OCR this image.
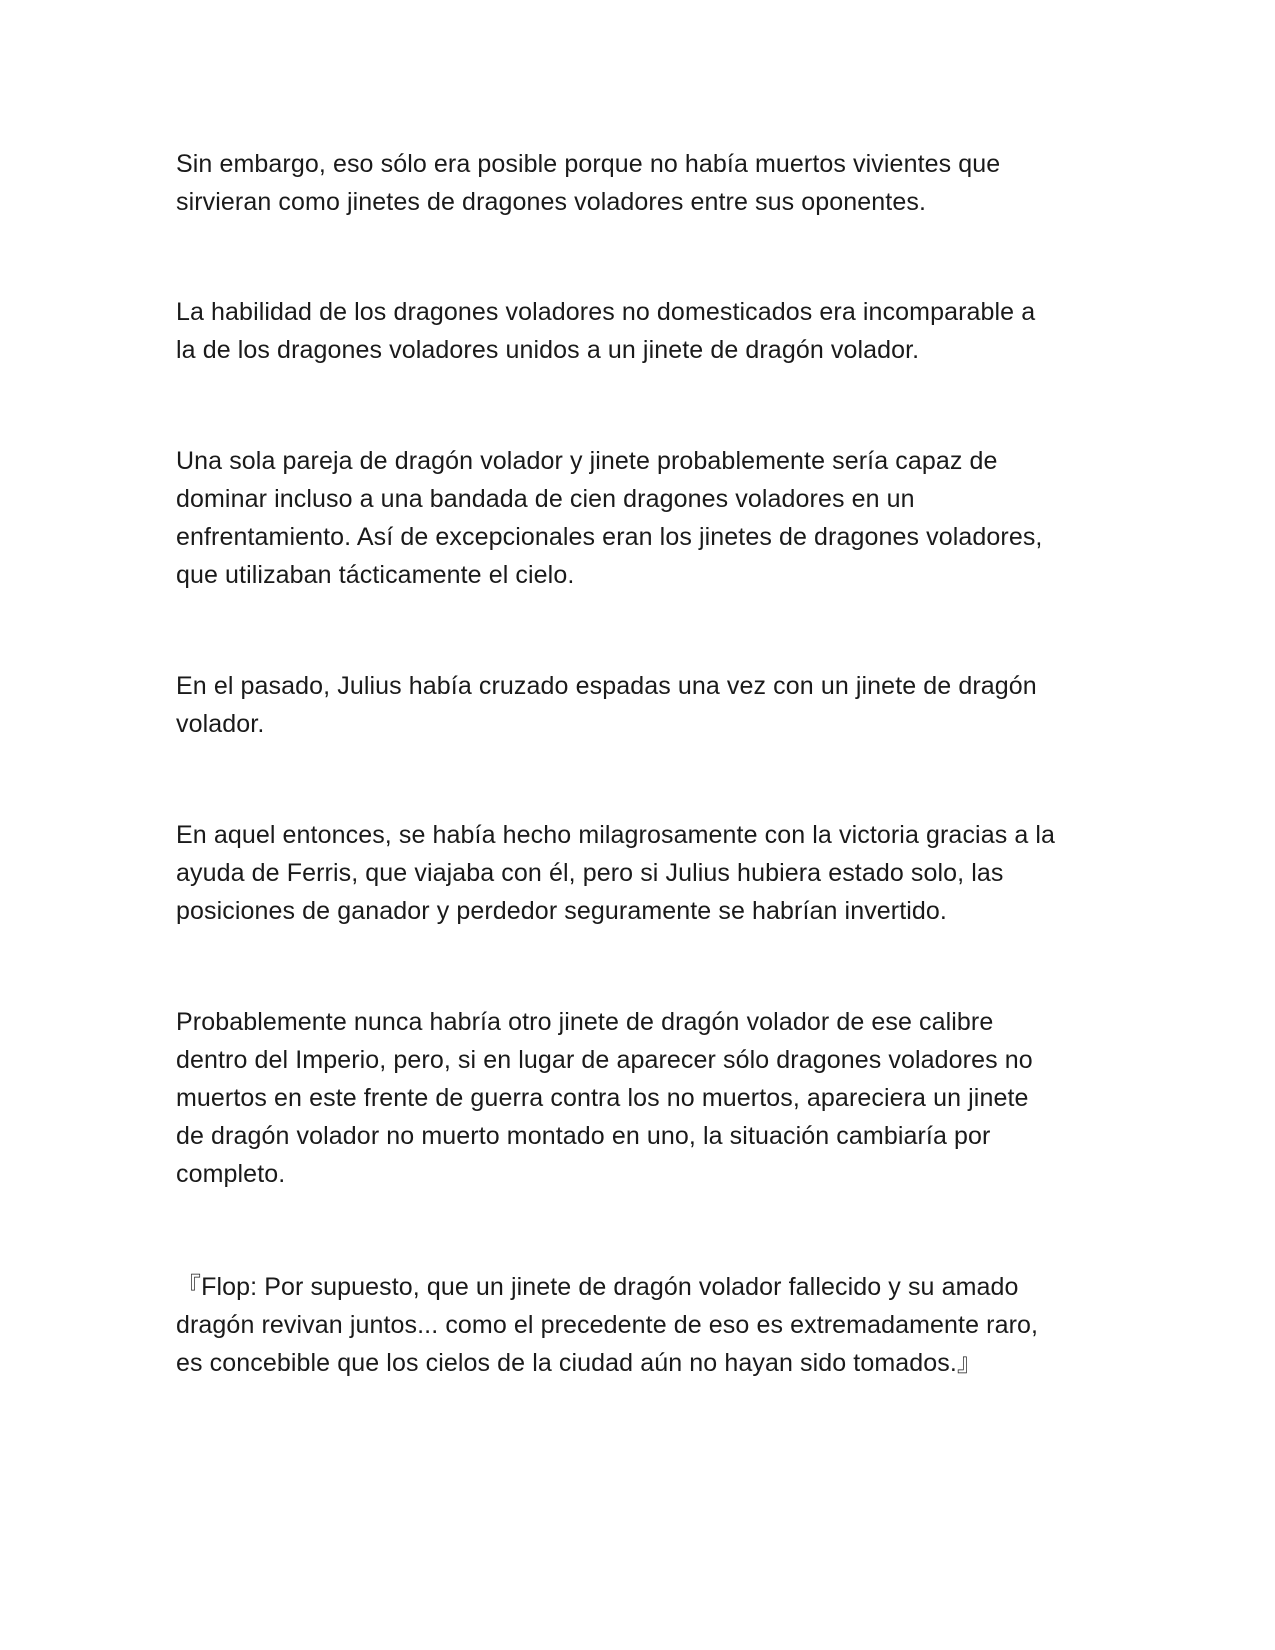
Sin embargo, eso sólo era posible porque no había muertos vivientes que
sirvieran como jinetes de dragones voladores entre sus oponentes.

La habilidad de los dragones voladores no domesticados era incomparable a
la de los dragones voladores unidos a un jinete de dragón volador.

Una sola pareja de dragón volador y jinete probablemente sería capaz de
dominar incluso a una bandada de cien dragones voladores en un
enfrentamiento. Así de excepcionales eran los jinetes de dragones voladores,
que utilizaban tácticamente el cielo.

En el pasado, Julius había cruzado espadas una vez con un jinete de dragón
volador.

En aquel entonces, se había hecho milagrosamente con la victoria gracias a la
ayuda de Ferris, que viajaba con él, pero si Julius hubiera estado solo, las
posiciones de ganador y perdedor seguramente se habrían invertido.

Probablemente nunca habría otro jinete de dragón volador de ese calibre
dentro del Imperio, pero, si en lugar de aparecer sólo dragones voladores no
muertos en este frente de guerra contra los no muertos, apareciera un jinete
de dragón volador no muerto montado en uno, la situación cambiaría por
completo.

『Flop: Por supuesto, que un jinete de dragón volador fallecido y su amado
dragón revivan juntos... como el precedente de eso es extremadamente raro,
es concebible que los cielos de la ciudad aún no hayan sido tomados.』
